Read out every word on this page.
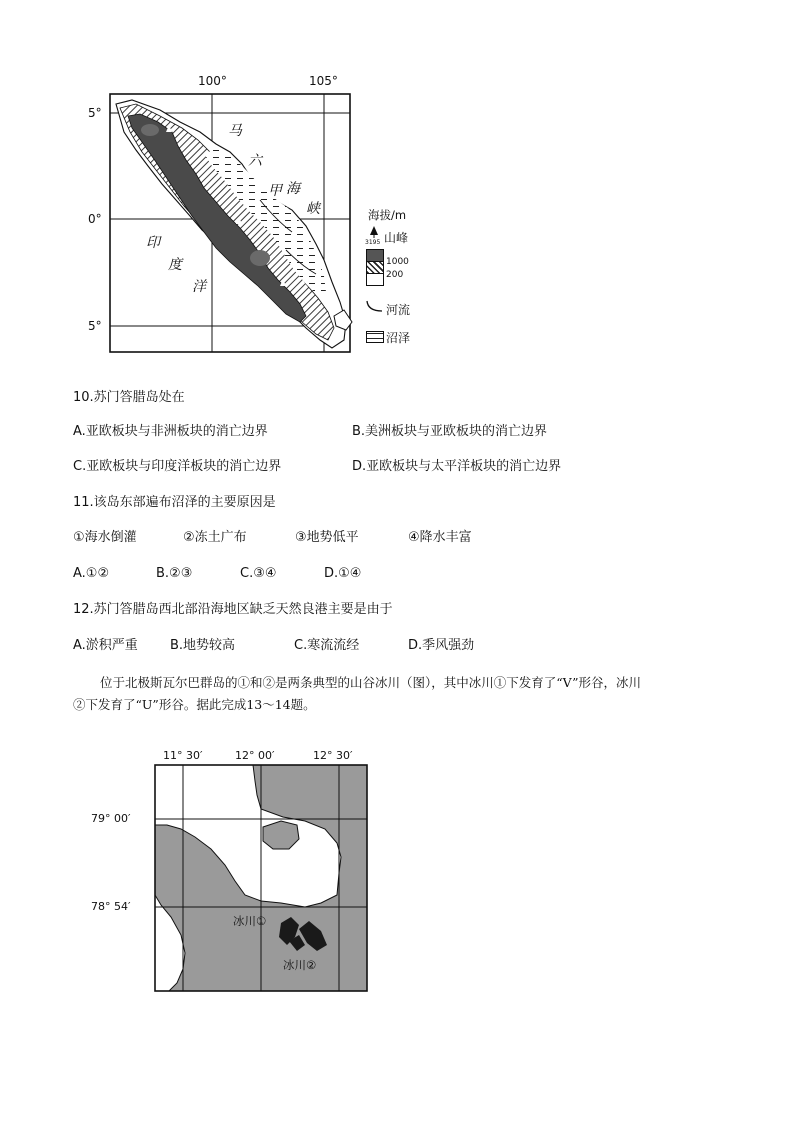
100°	105°
5°
0°
5°
马
六
甲 海
峡
印
度
洋
海拔/m
3195 山峰
1000
200
河流
沼泽
10.苏门答腊岛处在
A.亚欧板块与非洲板块的消亡边界	B.美洲板块与亚欧板块的消亡边界
C.亚欧板块与印度洋板块的消亡边界	D.亚欧板块与太平洋板块的消亡边界
11.该岛东部遍布沼泽的主要原因是
①海水倒灌	②冻土广布	③地势低平	④降水丰富
A.①②	B.②③	C.③④	D.①④
12.苏门答腊岛西北部沿海地区缺乏天然良港主要是由于
A.淤积严重 B.地势较高	C.寒流流经	D.季风强劲
位于北极斯瓦尔巴群岛的①和②是两条典型的山谷冰川（图），其中冰川①下发育了“V”形谷，冰川
②下发育了“U”形谷。据此完成13～14题。
11° 30′	12° 00′	12° 30′
79° 00′
78° 54′
冰川①
冰川②
